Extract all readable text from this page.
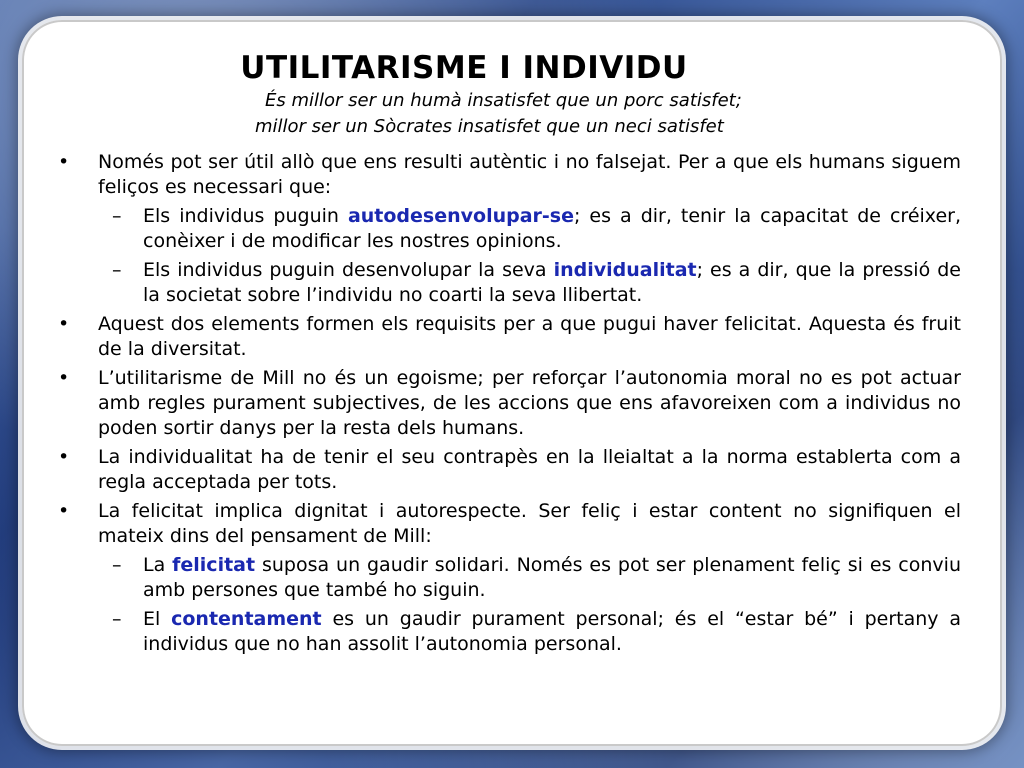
UTILITARISME I INDIVIDU
És millor ser un humà insatisfet que un porc satisfet;
millor ser un Sòcrates insatisfet que un neci satisfet
• Només pot ser útil allò que ens resulti autèntic i no falsejat. Per a que els humans siguem feliços es necessari que:
– Els individus puguin autodesenvolupar-se; es a dir, tenir la capacitat de créixer, conèixer i de modificar les nostres opinions.
– Els individus puguin desenvolupar la seva individualitat; es a dir, que la pressió de la societat sobre l’individu no coarti la seva llibertat.
• Aquest dos elements formen els requisits per a que pugui haver felicitat. Aquesta és fruit de la diversitat.
• L’utilitarisme de Mill no és un egoisme; per reforçar l’autonomia moral no es pot actuar amb regles purament subjectives, de les accions que ens afavoreixen com a individus no poden sortir danys per la resta dels humans.
• La individualitat ha de tenir el seu contrapès en la lleialtat a la norma establerta com a regla acceptada per tots.
• La felicitat implica dignitat i autorespecte. Ser feliç i estar content no signifiquen el mateix dins del pensament de Mill:
– La felicitat suposa un gaudir solidari. Només es pot ser plenament feliç si es conviu amb persones que també ho siguin.
– El contentament es un gaudir purament personal; és el “estar bé” i pertany a individus que no han assolit l’autonomia personal.
